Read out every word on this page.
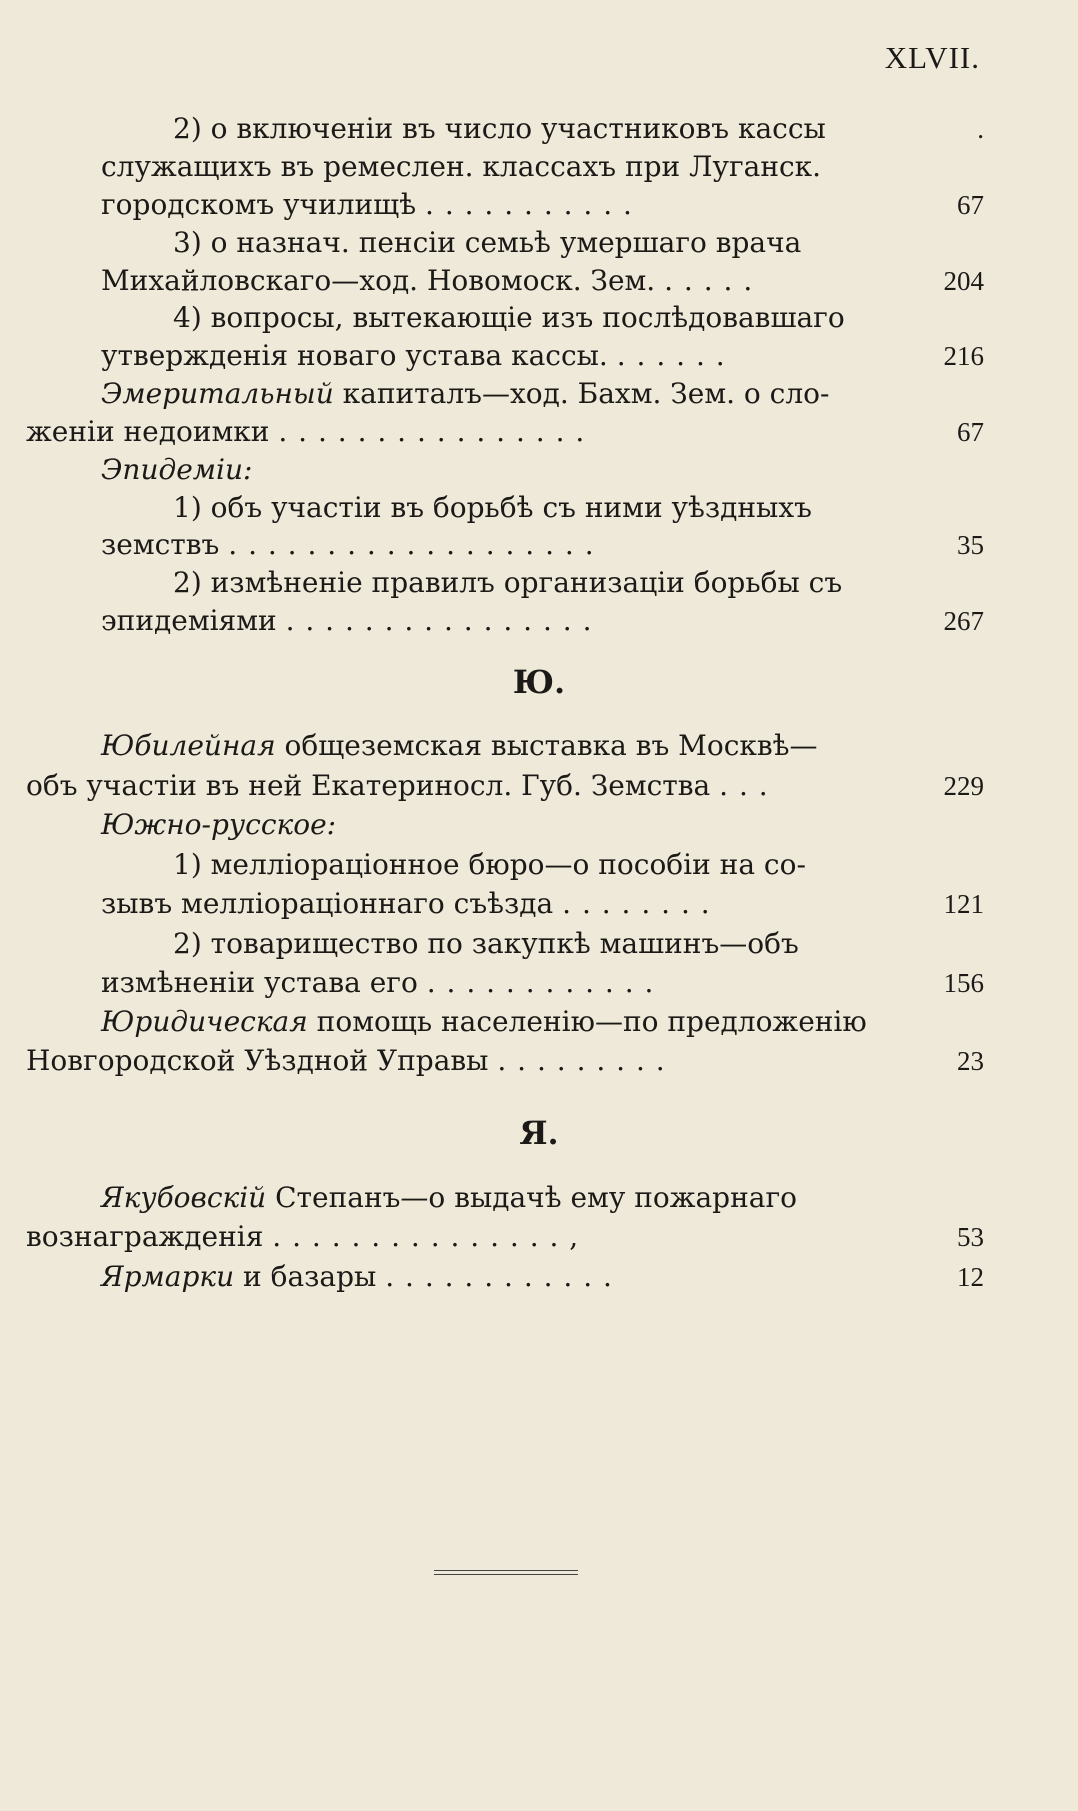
XLVII.
2) о включеніи въ число участниковъ кассы	.
служащихъ въ ремеслен. классахъ при Луганск.
городскомъ училищѣ . . . . . . . . . . .	67
3) о назнач. пенсіи семьѣ умершаго врача
Михайловскаго—ход. Новомоск. Зем. . . . . .	204
4) вопросы, вытекающіе изъ послѣдовавшаго
утвержденія новаго устава кассы. . . . . . .	216
Эмеритальный капиталъ—ход. Бахм. Зем. о сло-
женіи недоимки . . . . . . . . . . . . . . . .	67
Эпидеміи:
1) объ участіи въ борьбѣ съ ними уѣздныхъ
земствъ . . . . . . . . . . . . . . . . . . .	35
2) измѣненіе правилъ организаціи борьбы съ
эпидеміями . . . . . . . . . . . . . . . .	267
Ю.
Юбилейная общеземская выставка въ Москвѣ—
объ участіи въ ней Екатериносл. Губ. Земства . . .	229
Южно-русское:
1) мелліораціонное бюро—о пособіи на со-
зывъ мелліораціоннаго съѣзда . . . . . . . .	121
2) товарищество по закупкѣ машинъ—объ
измѣненіи устава его . . . . . . . . . . . .	156
Юридическая помощь населенію—по предложенію
Новгородской Уѣздной Управы . . . . . . . . .	23
Я.
Якубовскій Степанъ—о выдачѣ ему пожарнаго
вознагражденія . . . . . . . . . . . . . . . ,	53
Ярмарки и базары . . . . . . . . . . . .	12
